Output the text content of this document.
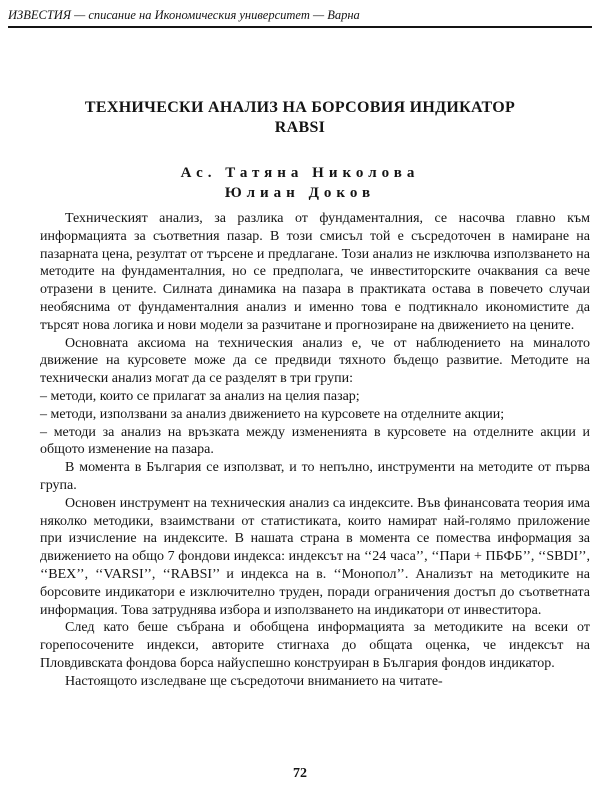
ИЗВЕСТИЯ — списание на Икономическия университет — Варна
ТЕХНИЧЕСКИ АНАЛИЗ НА БОРСОВИЯ ИНДИКАТОР
RABSI
Ас. Татяна Николова
Юлиан Доков

Техническият анализ, за разлика от фундаменталния, се насочва главно към информацията за съответния пазар. В този смисъл той е съсредоточен в намиране на пазарната цена, резултат от търсене и предлагане. Този анализ не изключва използването на методите на фундаменталния, но се предполага, че инвеститорските очаквания са вече отразени в цените. Силната динамика на пазара в практиката остава в повечето случаи необяснима от фундаменталния анализ и именно това е подтикнало икономистите да търсят нова логика и нови модели за разчитане и прогнозиране на движението на цените.

Основната аксиома на техническия анализ е, че от наблюдението на миналото движение на курсовете може да се предвиди тяхното бъдещо развитие. Методите на технически анализ могат да се разделят в три групи:

– методи, които се прилагат за анализ на целия пазар;

– методи, използвани за анализ движението на курсовете на отделните акции;

– методи за анализ на връзката между измененията в курсовете на отделните акции и общото изменение на пазара.

В момента в България се използват, и то непълно, инструменти на методите от първа група.

Основен инструмент на техническия анализ са индексите. Във финансовата теория има няколко методики, взаимствани от статистиката, които намират най-голямо приложение при изчисление на индексите. В нашата страна в момента се помества информация за движението на общо 7 фондови индекса: индексът на ‘‘24 часа’’, ‘‘Пари + ПБФБ’’, ‘‘SBDI’’, ‘‘BEX’’, ‘‘VARSI’’, ‘‘RABSI’’ и индекса на в. ‘‘Монопол’’. Анализът на методиките на борсовите индикатори е изключително труден, поради ограничения достъп до съответната информация. Това затруднява избора и използването на индикатори от инвеститора.

След като беше събрана и обобщена информацията за методиките на всеки от горепосочените индекси, авторите стигнаха до общата оценка, че индексът на Пловдивската фондова борса найуспешно конструиран в България фондов индикатор.

Настоящото изследване ще съсредоточи вниманието на читате-

72
